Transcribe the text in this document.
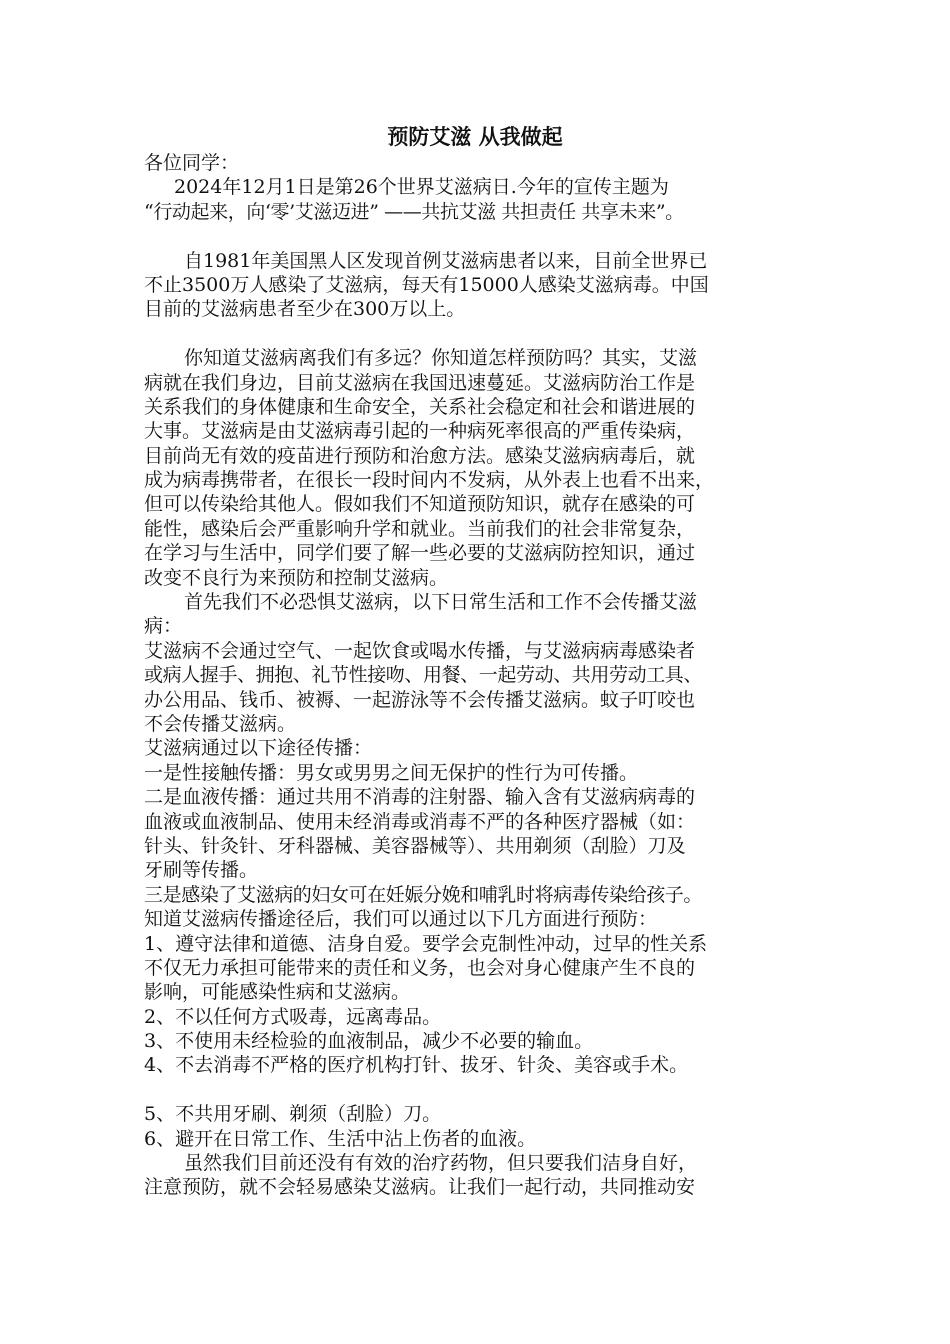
预防艾滋 从我做起
各位同学：
2024年12月1日是第26个世界艾滋病日.今年的宣传主题为
“行动起来，向‘零’艾滋迈进” ——共抗艾滋 共担责任 共享未来”。
自1981年美国黑人区发现首例艾滋病患者以来，目前全世界已
不止3500万人感染了艾滋病，每天有15000人感染艾滋病毒。中国
目前的艾滋病患者至少在300万以上。
你知道艾滋病离我们有多远？你知道怎样预防吗？其实，艾滋
病就在我们身边，目前艾滋病在我国迅速蔓延。艾滋病防治工作是
关系我们的身体健康和生命安全，关系社会稳定和社会和谐进展的
大事。艾滋病是由艾滋病毒引起的一种病死率很高的严重传染病，
目前尚无有效的疫苗进行预防和治愈方法。感染艾滋病病毒后，就
成为病毒携带者，在很长一段时间内不发病，从外表上也看不出来，
但可以传染给其他人。假如我们不知道预防知识，就存在感染的可
能性，感染后会严重影响升学和就业。当前我们的社会非常复杂，
在学习与生活中，同学们要了解一些必要的艾滋病防控知识，通过
改变不良行为来预防和控制艾滋病。
首先我们不必恐惧艾滋病，以下日常生活和工作不会传播艾滋
病：
艾滋病不会通过空气、一起饮食或喝水传播，与艾滋病病毒感染者
或病人握手、拥抱、礼节性接吻、用餐、一起劳动、共用劳动工具、
办公用品、钱币、被褥、一起游泳等不会传播艾滋病。蚊子叮咬也
不会传播艾滋病。
艾滋病通过以下途径传播：
一是性接触传播：男女或男男之间无保护的性行为可传播。
二是血液传播：通过共用不消毒的注射器、输入含有艾滋病病毒的
血液或血液制品、使用未经消毒或消毒不严的各种医疗器械（如：
针头、针灸针、牙科器械、美容器械等）、共用剃须（刮脸）刀及
牙刷等传播。
三是感染了艾滋病的妇女可在妊娠分娩和哺乳时将病毒传染给孩子。
知道艾滋病传播途径后，我们可以通过以下几方面进行预防：
1、遵守法律和道德、洁身自爱。要学会克制性冲动，过早的性关系
不仅无力承担可能带来的责任和义务，也会对身心健康产生不良的
影响，可能感染性病和艾滋病。
2、不以任何方式吸毒，远离毒品。
3、不使用未经检验的血液制品，减少不必要的输血。
4、不去消毒不严格的医疗机构打针、拔牙、针灸、美容或手术。
5、不共用牙刷、剃须（刮脸）刀。
6、避开在日常工作、生活中沾上伤者的血液。
虽然我们目前还没有有效的治疗药物，但只要我们洁身自好，
注意预防，就不会轻易感染艾滋病。让我们一起行动，共同推动安
